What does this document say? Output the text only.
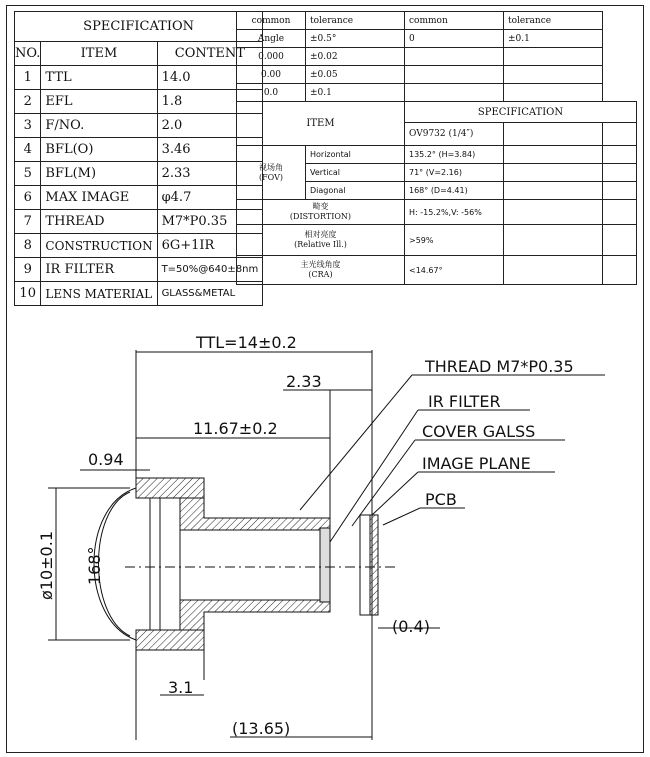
SPECIFICATION		
NO.	ITEM	CONTENT
1	TTL	14.0
2	EFL	1.8
3	F/NO.	2.0
4	BFL(O)	3.46
5	BFL(M)	2.33
6	MAX IMAGE	φ4.7
7	THREAD	M7*P0.35
8	CONSTRUCTION	6G+1IR
9	IR FILTER	T=50%@640±8nm
10	LENS MATERIAL	GLASS&METAL
common	tolerance	common	tolerance	
Angle	±0.5°	0	±0.1	
0.000	±0.02			
0.00	±0.05			
0.0	±0.1			
ITEM		SPECIFICATION		
		OV9732 (1/4″)		
视场角
(FOV)	Horizontal	135.2° (H=3.84)		
	Vertical	71° (V=2.16)		
	Diagonal	168° (D=4.41)		
畸变
(DISTORTION)		H: -15.2%,V: -56%		
相对亮度
(Relative Ill.)		>59%		
主光线角度
(CRA)		<14.67°		
TTL=14±0.2
2.33
11.67±0.2
0.94
3.1
(0.4)
(13.65)
ø10±0.1 168°
THREAD M7*P0.35
IR FILTER
COVER GALSS
IMAGE PLANE
PCB
